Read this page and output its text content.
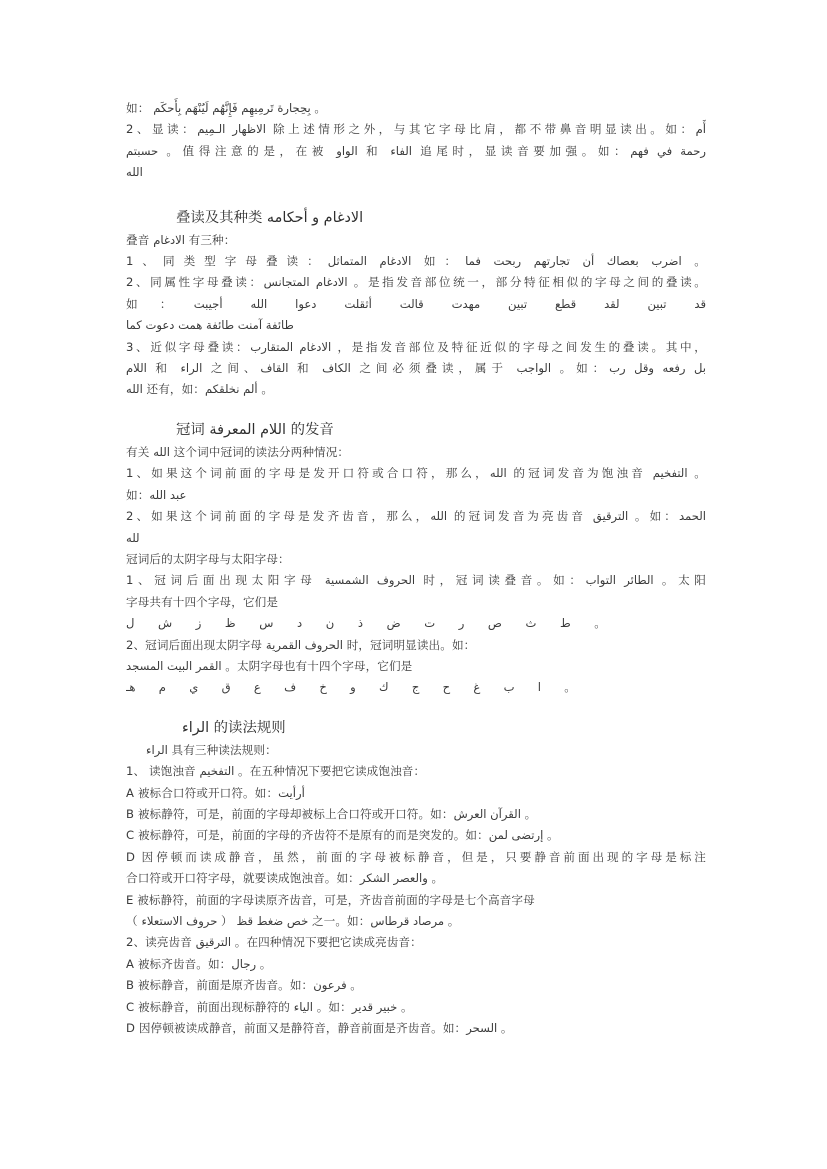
如： بِحِجارة تَرمِيهِم فَإِنَّهُم لَيُنْهَم بِأَحكَم 。
2、显读：الاظهار الـمِيم 除上述情形之外，与其它字母比肩，都不带鼻音明显读出。如：أَم
حسبتم 。值得注意的是，在被 الواو 和 الفاء 追尾时，显读音要加强。如：رحمة في فهم
الله
叠读及其种类 الادغام و أحكامه
叠音 الادغام 有三种：
1、同类型字母叠读：الادغام المتماثل 如：اضرب بعصاك أن تجارتهم ربحت فما 。
2、同属性字母叠读：الادغام المتجانس 。是指发音部位统一，部分特征相似的字母之间的叠读。
如：قد تبين لقد قطع تبين مهدت قالت أثقلت دعوا الله أجيبت
طائفة آمنت طائفة همت دعوت كما
3、近似字母叠读：الادغام المتقارب ，是指发音部位及特征近似的字母之间发生的叠读。其中，
اللام 和 الراء 之间、القاف 和 الكاف 之间必须叠读，属于 الواجب 。如：بل رفعه وقل رب
الله 还有，如：ألم نخلقكم 。
冠词 اللام المعرفة 的发音
有关 الله 这个词中冠词的读法分两种情况：
1、如果这个词前面的字母是发开口符或合口符，那么，الله 的冠词发音为饱浊音 التفخيم 。
如：عبد الله
2、如果这个词前面的字母是发齐齿音，那么，الله 的冠词发音为亮齿音 الترقيق 。如：الحمد
لله
冠词后的太阴字母与太阳字母：
1、冠词后面出现太阳字母 الحروف الشمسية 时，冠词读叠音。如：الطائر التواب 。太阳
字母共有十四个字母，它们是
ط ث ص ر ت ض ذ ن د س ظ ز ش ل 。
2、冠词后面出现太阴字母 الحروف القمرية 时，冠词明显读出。如：
القمر البيت المسجد 。太阴字母也有十四个字母，它们是
ا ب غ ح ج ك و خ ف ع ق ي م هـ 。
الراء 的读法规则
الراء 具有三种读法规则：
1、 读饱浊音 التفخيم 。在五种情况下要把它读成饱浊音：
A 被标合口符或开口符。如：أرأيت
B 被标静符，可是，前面的字母却被标上合口符或开口符。如：القرآن العرش 。
C 被标静符，可是，前面的字母的齐齿符不是原有的而是突发的。如：إرتضى لمن 。
D 因停顿而读成静音，虽然，前面的字母被标静音，但是，只要静音前面出现的字母是标注
合口符或开口符字母，就要读成饱浊音。如：والعصر الشكر 。
E 被标静符，前面的字母读原齐齿音，可是，齐齿音前面的字母是七个高音字母
（ حروف الاستعلاء ） خص ضغط قظ 之一。如：مرصاد قرطاس 。
2、读亮齿音 الترقيق 。在四种情况下要把它读成亮齿音：
A 被标齐齿音。如：رجال 。
B 被标静音，前面是原齐齿音。如：فرعون 。
C 被标静音，前面出现标静符的 الياء 。如：خبير قدير 。
D 因停顿被读成静音，前面又是静符音，静音前面是齐齿音。如：السحر 。
